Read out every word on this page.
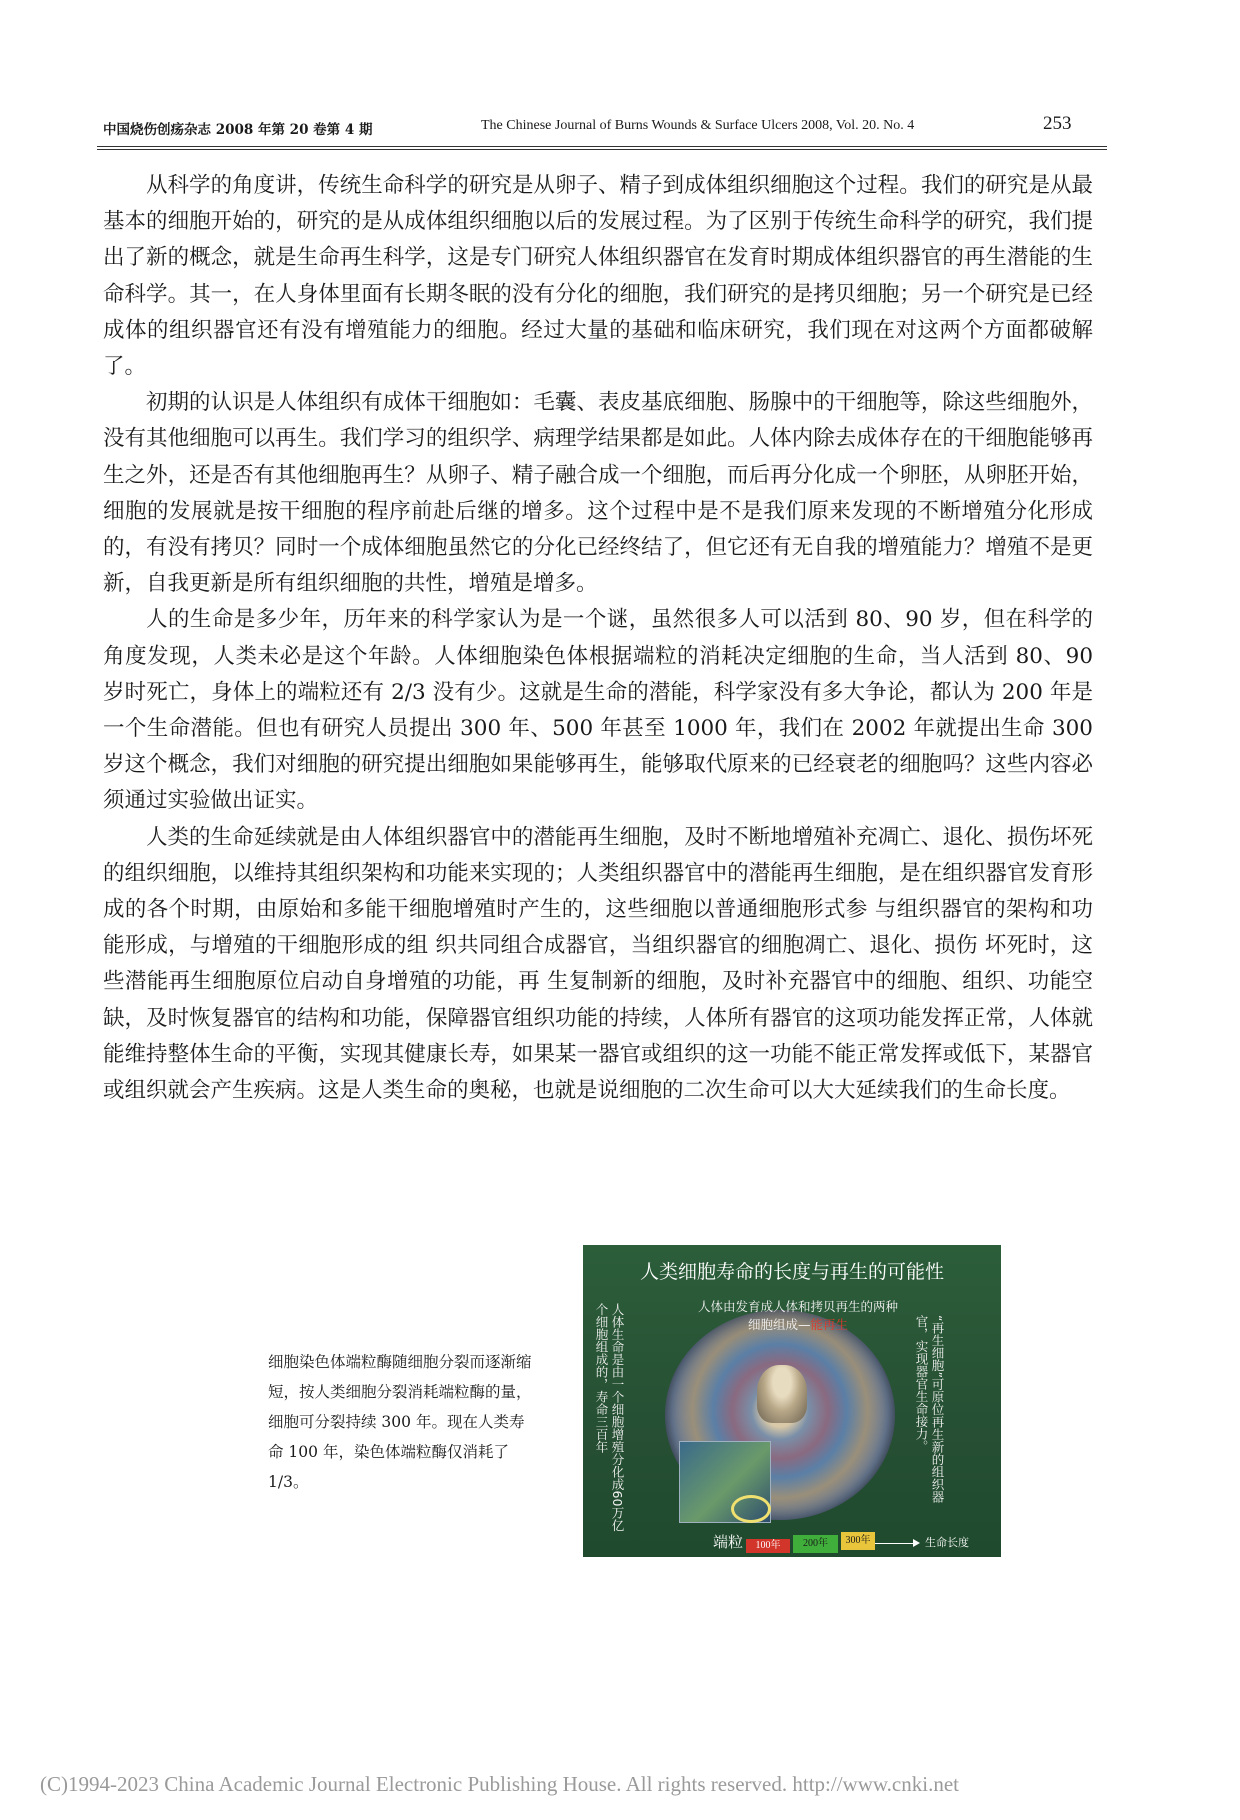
中国烧伤创疡杂志 2008 年第 20 卷第 4 期	The Chinese Journal of Burns Wounds & Surface Ulcers 2008, Vol. 20. No. 4	253

从科学的角度讲，传统生命科学的研究是从卵子、精子到成体组织细胞这个过程。我们的研究是从最基本的细胞开始的，研究的是从成体组织细胞以后的发展过程。为了区别于传统生命科学的研究，我们提出了新的概念，就是生命再生科学，这是专门研究人体组织器官在发育时期成体组织器官的再生潜能的生命科学。其一，在人身体里面有长期冬眠的没有分化的细胞，我们研究的是拷贝细胞；另一个研究是已经成体的组织器官还有没有增殖能力的细胞。经过大量的基础和临床研究，我们现在对这两个方面都破解了。

初期的认识是人体组织有成体干细胞如：毛囊、表皮基底细胞、肠腺中的干细胞等，除这些细胞外，没有其他细胞可以再生。我们学习的组织学、病理学结果都是如此。人体内除去成体存在的干细胞能够再生之外，还是否有其他细胞再生？从卵子、精子融合成一个细胞，而后再分化成一个卵胚，从卵胚开始，细胞的发展就是按干细胞的程序前赴后继的增多。这个过程中是不是我们原来发现的不断增殖分化形成的，有没有拷贝？同时一个成体细胞虽然它的分化已经终结了，但它还有无自我的增殖能力？增殖不是更新，自我更新是所有组织细胞的共性，增殖是增多。

人的生命是多少年，历年来的科学家认为是一个谜，虽然很多人可以活到 80、90 岁，但在科学的角度发现，人类未必是这个年龄。人体细胞染色体根据端粒的消耗决定细胞的生命，当人活到 80、90 岁时死亡，身体上的端粒还有 2/3 没有少。这就是生命的潜能，科学家没有多大争论，都认为 200 年是一个生命潜能。但也有研究人员提出 300 年、500 年甚至 1000 年，我们在 2002 年就提出生命 300 岁这个概念，我们对细胞的研究提出细胞如果能够再生，能够取代原来的已经衰老的细胞吗？这些内容必须通过实验做出证实。

人类的生命延续就是由人体组织器官中的潜能再生细胞，及时不断地增殖补充凋亡、退化、损伤坏死的组织细胞，以维持其组织架构和功能来实现的；人类组织器官中的潜能再生细胞，是在组织器官发育形成的各个时期，由原始和多能干细胞增殖时产生的，这些细胞以普通细胞形式参 与组织器官的架构和功能形成，与增殖的干细胞形成的组 织共同组合成器官，当组织器官的细胞凋亡、退化、损伤 坏死时，这些潜能再生细胞原位启动自身增殖的功能，再 生复制新的细胞，及时补充器官中的细胞、组织、功能空 缺，及时恢复器官的结构和功能，保障器官组织功能的持续，人体所有器官的这项功能发挥正常，人体就能维持整体生命的平衡，实现其健康长寿，如果某一器官或组织的这一功能不能正常发挥或低下，某器官或组织就会产生疾病。这是人类生命的奥秘，也就是说细胞的二次生命可以大大延续我们的生命长度。

细胞染色体端粒酶随细胞分裂而逐渐缩短，按人类细胞分裂消耗端粒酶的量，细胞可分裂持续 300 年。现在人类寿命 100 年，染色体端粒酶仅消耗了 1/3。
人类细胞寿命的长度与再生的可能性
人体由发育成人体和拷贝再生的两种细胞组成—能再生
人体生命是由一个细胞增殖分化成60万亿个细胞组成的，寿命三百年	“再生细胞”可原位再生新的组织器官，实现器官生命接力。
端粒	100年	200年	300年	生命长度
(C)1994-2023 China Academic Journal Electronic Publishing House. All rights reserved. http://www.cnki.net
